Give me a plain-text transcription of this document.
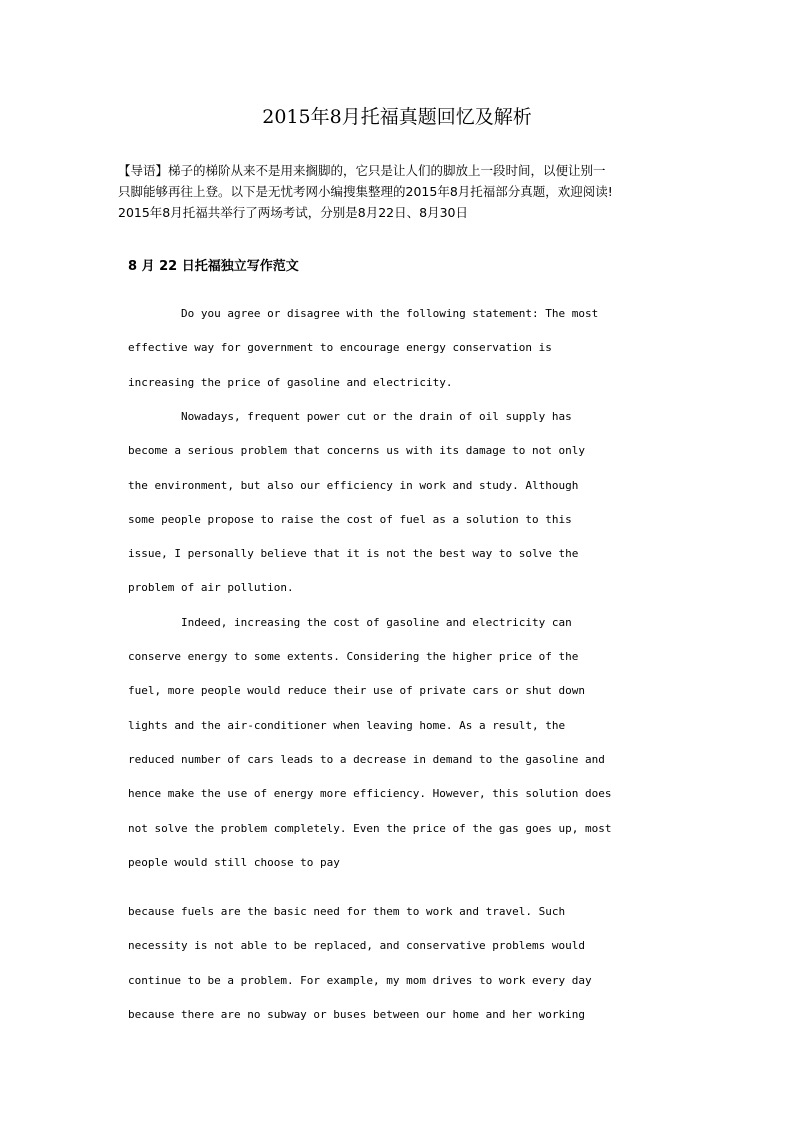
2015年8月托福真题回忆及解析
【导语】梯子的梯阶从来不是用来搁脚的，它只是让人们的脚放上一段时间，以便让别一
只脚能够再往上登。以下是无忧考网小编搜集整理的2015年8月托福部分真题，欢迎阅读!
2015年8月托福共举行了两场考试，分别是8月22日、8月30日
8 月 22 日托福独立写作范文
Do you agree or disagree with the following statement: The most
effective way for government to encourage energy conservation is
increasing the price of gasoline and electricity.
Nowadays, frequent power cut or the drain of oil supply has
become a serious problem that concerns us with its damage to not only
the environment, but also our efficiency in work and study. Although
some people propose to raise the cost of fuel as a solution to this
issue, I personally believe that it is not the best way to solve the
problem of air pollution.
Indeed, increasing the cost of gasoline and electricity can
conserve energy to some extents. Considering the higher price of the
fuel, more people would reduce their use of private cars or shut down
lights and the air-conditioner when leaving home. As a result, the
reduced number of cars leads to a decrease in demand to the gasoline and
hence make the use of energy more efficiency. However, this solution does
not solve the problem completely. Even the price of the gas goes up, most
people would still choose to pay
because fuels are the basic need for them to work and travel. Such
necessity is not able to be replaced, and conservative problems would
continue to be a problem. For example, my mom drives to work every day
because there are no subway or buses between our home and her working
